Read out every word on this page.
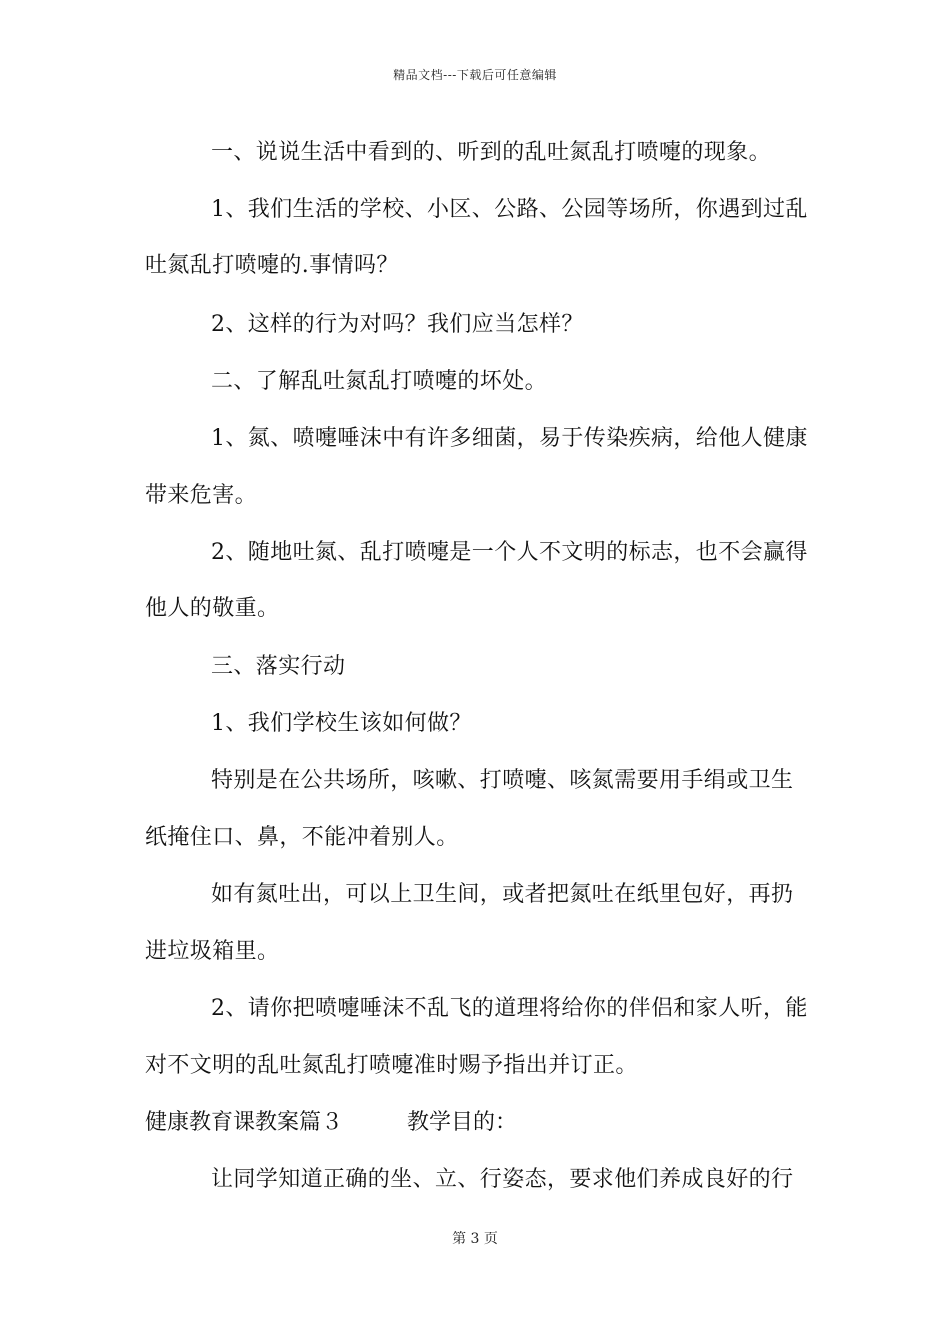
精品文档---下载后可任意编辑
一、说说生活中看到的、听到的乱吐氮乱打喷嚏的现象。
1、我们生活的学校、小区、公路、公园等场所，你遇到过乱
吐氮乱打喷嚏的.事情吗？
2、这样的行为对吗？我们应当怎样？
二、了解乱吐氮乱打喷嚏的坏处。
1、氮、喷嚏唾沫中有许多细菌，易于传染疾病，给他人健康
带来危害。
2、随地吐氮、乱打喷嚏是一个人不文明的标志，也不会赢得
他人的敬重。
三、落实行动
1、我们学校生该如何做？
特别是在公共场所，咳嗽、打喷嚏、咳氮需要用手绢或卫生
纸掩住口、鼻，不能冲着别人。
如有氮吐出，可以上卫生间，或者把氮吐在纸里包好，再扔
进垃圾箱里。
2、请你把喷嚏唾沫不乱飞的道理将给你的伴侣和家人听，能
对不文明的乱吐氮乱打喷嚏准时赐予指出并订正。
健康教育课教案篇３	教学目的：
让同学知道正确的坐、立、行姿态，要求他们养成良好的行
第 3 页
